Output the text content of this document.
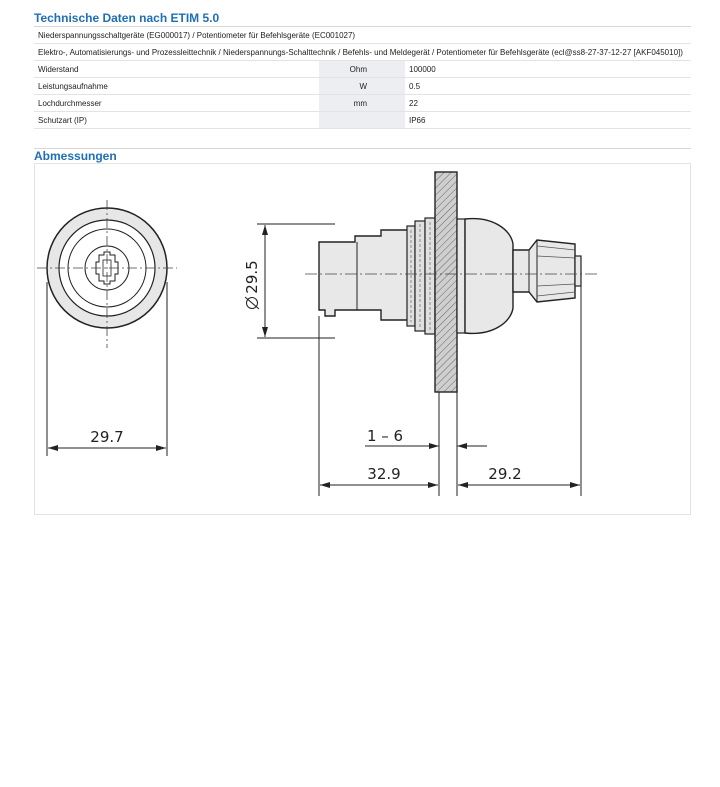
Technische Daten nach ETIM 5.0
Niederspannungsschaltgeräte (EG000017) / Potentiometer für Befehlsgeräte (EC001027)			
Elektro-, Automatisierungs- und Prozessleittechnik / Niederspannungs-Schalttechnik / Befehls- und Meldegerät / Potentiometer für Befehlsgeräte (ecl@ss8-27-37-12-27 [AKF045010])			
Widerstand	Ohm		100000
Leistungsaufnahme	W		0.5
Lochdurchmesser	mm		22
Schutzart (IP)			IP66
Abmessungen
29.7
29.5
1 – 6
32.9	29.2
